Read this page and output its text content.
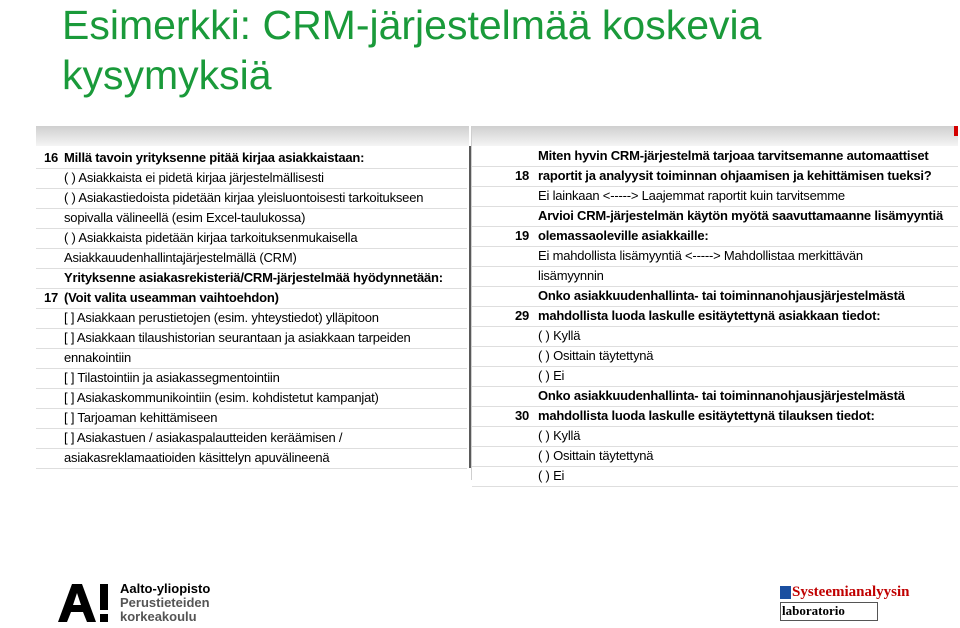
Esimerkki: CRM-järjestelmää koskevia kysymyksiä
16 Millä tavoin yrityksenne pitää kirjaa asiakkaistaan:
( ) Asiakkaista ei pidetä kirjaa järjestelmällisesti
( ) Asiakastiedoista pidetään kirjaa yleisluontoisesti tarkoitukseen
sopivalla välineellä (esim Excel-taulukossa)
( ) Asiakkaista pidetään kirjaa tarkoituksenmukaisella
Asiakkauudenhallintajärjestelmällä (CRM)
Yrityksenne asiakasrekisteriä/CRM-järjestelmää hyödynnetään:
17 (Voit valita useamman vaihtoehdon)
[ ] Asiakkaan perustietojen (esim. yhteystiedot) ylläpitoon
[ ] Asiakkaan tilaushistorian seurantaan ja asiakkaan tarpeiden
ennakointiin
[ ] Tilastointiin ja asiakassegmentointiin
[ ] Asiakaskommunikointiin (esim. kohdistetut kampanjat)
[ ] Tarjoaman kehittämiseen
[ ] Asiakastuen / asiakaspalautteiden keräämisen /
asiakasreklamaatioiden käsittelyn apuvälineenä
Miten hyvin CRM-järjestelmä tarjoaa tarvitsemanne automaattiset
18 raportit ja analyysit toiminnan ohjaamisen ja kehittämisen tueksi?
Ei lainkaan <-----> Laajemmat raportit kuin tarvitsemme
Arvioi CRM-järjestelmän käytön myötä saavuttamaanne lisämyyntiä
19 olemassaoleville asiakkaille:
Ei mahdollista lisämyyntiä <-----> Mahdollistaa merkittävän
lisämyynnin
Onko asiakkuudenhallinta- tai toiminnanohjausjärjestelmästä
29 mahdollista luoda laskulle esitäytettynä asiakkaan tiedot:
( ) Kyllä
( ) Osittain täytettynä
( ) Ei
Onko asiakkuudenhallinta- tai toiminnanohjausjärjestelmästä
30 mahdollista luoda laskulle esitäytettynä tilauksen tiedot:
( ) Kyllä
( ) Osittain täytettynä
( ) Ei
Aalto-yliopisto
Perustieteiden
korkeakoulu
Systeemianalyysin
laboratorio
